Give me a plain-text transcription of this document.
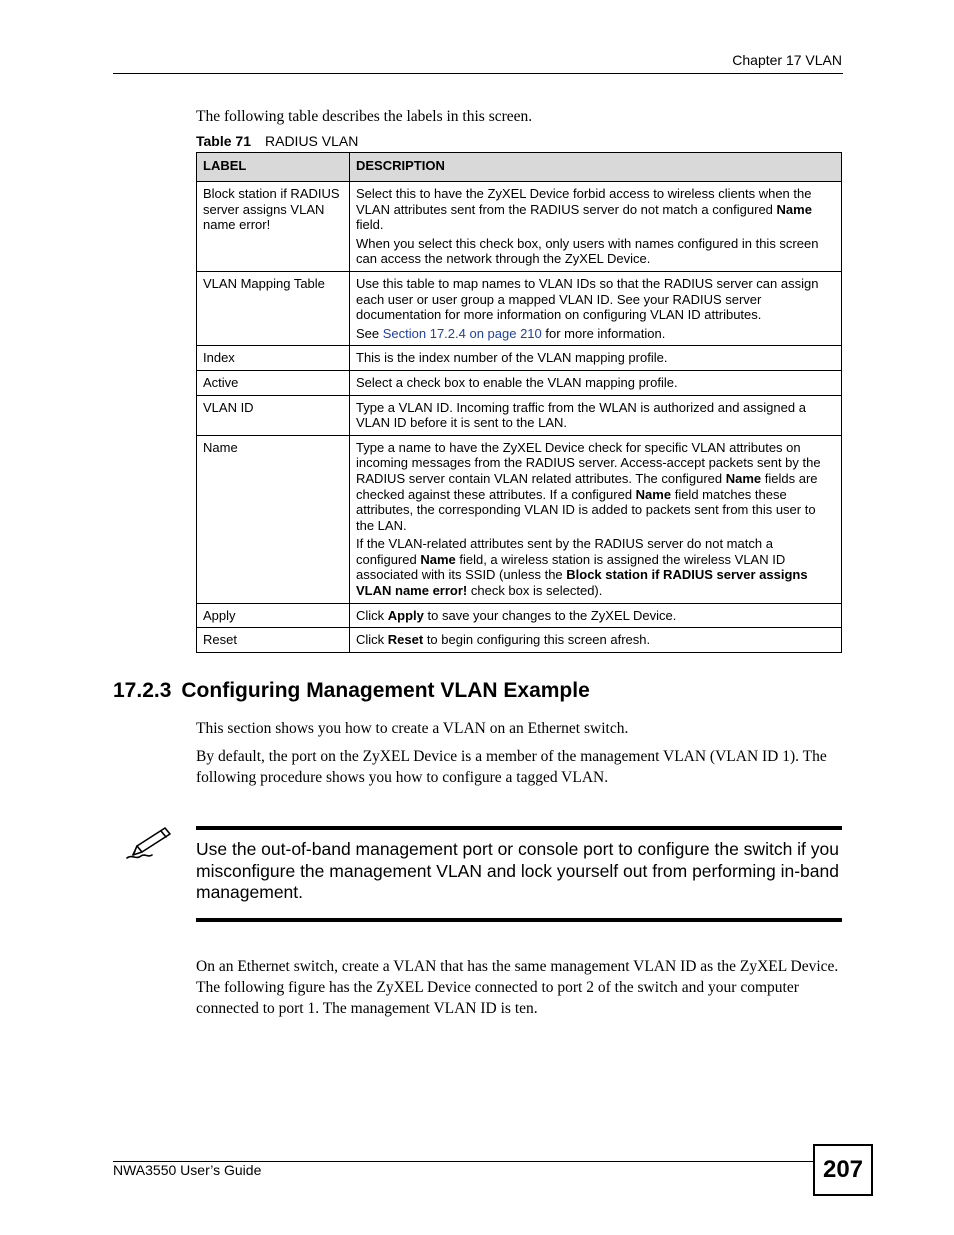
Chapter 17 VLAN
The following table describes the labels in this screen.
Table 71 RADIUS VLAN
LABEL	DESCRIPTION
Block station if RADIUS server assigns VLAN name error!	Select this to have the ZyXEL Device forbid access to wireless clients when the VLAN attributes sent from the RADIUS server do not match a configured Name field.

When you select this check box, only users with names configured in this screen can access the network through the ZyXEL Device.

VLAN Mapping Table	Use this table to map names to VLAN IDs so that the RADIUS server can assign each user or user group a mapped VLAN ID. See your RADIUS server documentation for more information on configuring VLAN ID attributes.

See Section 17.2.4 on page 210 for more information.

Index	This is the index number of the VLAN mapping profile.
Active	Select a check box to enable the VLAN mapping profile.
VLAN ID	Type a VLAN ID. Incoming traffic from the WLAN is authorized and assigned a VLAN ID before it is sent to the LAN.
Name	Type a name to have the ZyXEL Device check for specific VLAN attributes on incoming messages from the RADIUS server. Access-accept packets sent by the RADIUS server contain VLAN related attributes. The configured Name fields are checked against these attributes. If a configured Name field matches these attributes, the corresponding VLAN ID is added to packets sent from this user to the LAN.

If the VLAN-related attributes sent by the RADIUS server do not match a configured Name field, a wireless station is assigned the wireless VLAN ID associated with its SSID (unless the Block station if RADIUS server assigns VLAN name error! check box is selected).

Apply	Click Apply to save your changes to the ZyXEL Device.
Reset	Click Reset to begin configuring this screen afresh.
17.2.3 Configuring Management VLAN Example
This section shows you how to create a VLAN on an Ethernet switch.
By default, the port on the ZyXEL Device is a member of the management VLAN (VLAN ID 1). The following procedure shows you how to configure a tagged VLAN.
Use the out-of-band management port or console port to configure the switch if you misconfigure the management VLAN and lock yourself out from performing in-band management.
On an Ethernet switch, create a VLAN that has the same management VLAN ID as the ZyXEL Device. The following figure has the ZyXEL Device connected to port 2 of the switch and your computer connected to port 1. The management VLAN ID is ten.
NWA3550 User’s Guide	207
